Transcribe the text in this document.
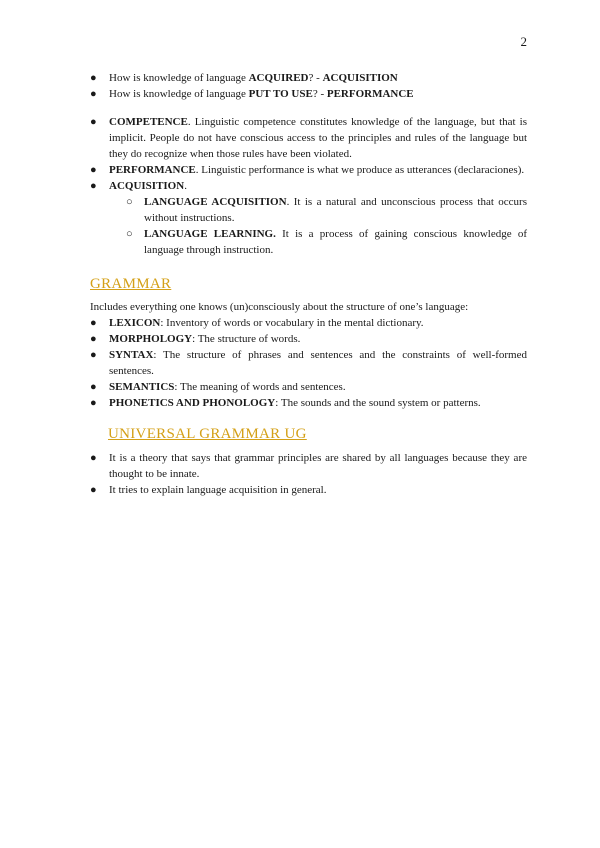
2
● How is knowledge of language ACQUIRED? - ACQUISITION
● How is knowledge of language PUT TO USE? - PERFORMANCE
● COMPETENCE. Linguistic competence constitutes knowledge of the language, but that is implicit. People do not have conscious access to the principles and rules of the language but they do recognize when those rules have been violated.
● PERFORMANCE. Linguistic performance is what we produce as utterances (declaraciones).
● ACQUISITION.
○ LANGUAGE ACQUISITION. It is a natural and unconscious process that occurs without instructions.
○ LANGUAGE LEARNING. It is a process of gaining conscious knowledge of language through instruction.
GRAMMAR
Includes everything one knows (un)consciously about the structure of one’s language:
● LEXICON: Inventory of words or vocabulary in the mental dictionary.
● MORPHOLOGY: The structure of words.
● SYNTAX: The structure of phrases and sentences and the constraints of well-formed sentences.
● SEMANTICS: The meaning of words and sentences.
● PHONETICS AND PHONOLOGY: The sounds and the sound system or patterns.
UNIVERSAL GRAMMAR UG
● It is a theory that says that grammar principles are shared by all languages because they are thought to be innate.
● It tries to explain language acquisition in general.
